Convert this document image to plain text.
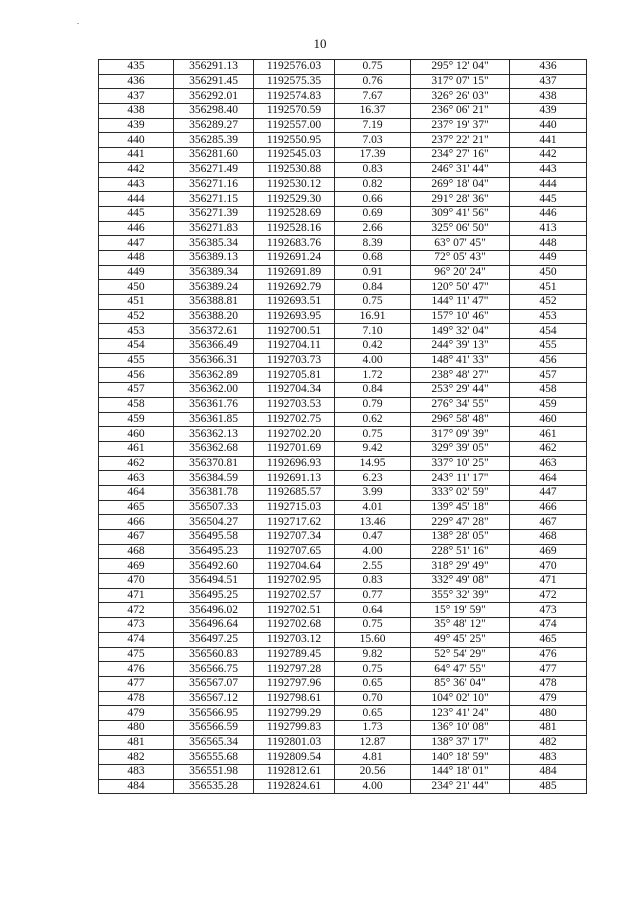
.
10
435	356291.13	1192576.03	0.75	295° 12' 04"	436
436	356291.45	1192575.35	0.76	317° 07' 15"	437
437	356292.01	1192574.83	7.67	326° 26' 03"	438
438	356298.40	1192570.59	16.37	236° 06' 21"	439
439	356289.27	1192557.00	7.19	237° 19' 37"	440
440	356285.39	1192550.95	7.03	237° 22' 21"	441
441	356281.60	1192545.03	17.39	234° 27' 16"	442
442	356271.49	1192530.88	0.83	246° 31' 44"	443
443	356271.16	1192530.12	0.82	269° 18' 04"	444
444	356271.15	1192529.30	0.66	291° 28' 36"	445
445	356271.39	1192528.69	0.69	309° 41' 56"	446
446	356271.83	1192528.16	2.66	325° 06' 50"	413
447	356385.34	1192683.76	8.39	63° 07' 45"	448
448	356389.13	1192691.24	0.68	72° 05' 43"	449
449	356389.34	1192691.89	0.91	96° 20' 24"	450
450	356389.24	1192692.79	0.84	120° 50' 47"	451
451	356388.81	1192693.51	0.75	144° 11' 47"	452
452	356388.20	1192693.95	16.91	157° 10' 46"	453
453	356372.61	1192700.51	7.10	149° 32' 04"	454
454	356366.49	1192704.11	0.42	244° 39' 13"	455
455	356366.31	1192703.73	4.00	148° 41' 33"	456
456	356362.89	1192705.81	1.72	238° 48' 27"	457
457	356362.00	1192704.34	0.84	253° 29' 44"	458
458	356361.76	1192703.53	0.79	276° 34' 55"	459
459	356361.85	1192702.75	0.62	296° 58' 48"	460
460	356362.13	1192702.20	0.75	317° 09' 39"	461
461	356362.68	1192701.69	9.42	329° 39' 05"	462
462	356370.81	1192696.93	14.95	337° 10' 25"	463
463	356384.59	1192691.13	6.23	243° 11' 17"	464
464	356381.78	1192685.57	3.99	333° 02' 59"	447
465	356507.33	1192715.03	4.01	139° 45' 18"	466
466	356504.27	1192717.62	13.46	229° 47' 28"	467
467	356495.58	1192707.34	0.47	138° 28' 05"	468
468	356495.23	1192707.65	4.00	228° 51' 16"	469
469	356492.60	1192704.64	2.55	318° 29' 49"	470
470	356494.51	1192702.95	0.83	332° 49' 08"	471
471	356495.25	1192702.57	0.77	355° 32' 39"	472
472	356496.02	1192702.51	0.64	15° 19' 59"	473
473	356496.64	1192702.68	0.75	35° 48' 12"	474
474	356497.25	1192703.12	15.60	49° 45' 25"	465
475	356560.83	1192789.45	9.82	52° 54' 29"	476
476	356566.75	1192797.28	0.75	64° 47' 55"	477
477	356567.07	1192797.96	0.65	85° 36' 04"	478
478	356567.12	1192798.61	0.70	104° 02' 10"	479
479	356566.95	1192799.29	0.65	123° 41' 24"	480
480	356566.59	1192799.83	1.73	136° 10' 08"	481
481	356565.34	1192801.03	12.87	138° 37' 17"	482
482	356555.68	1192809.54	4.81	140° 18' 59"	483
483	356551.98	1192812.61	20.56	144° 18' 01"	484
484	356535.28	1192824.61	4.00	234° 21' 44"	485
